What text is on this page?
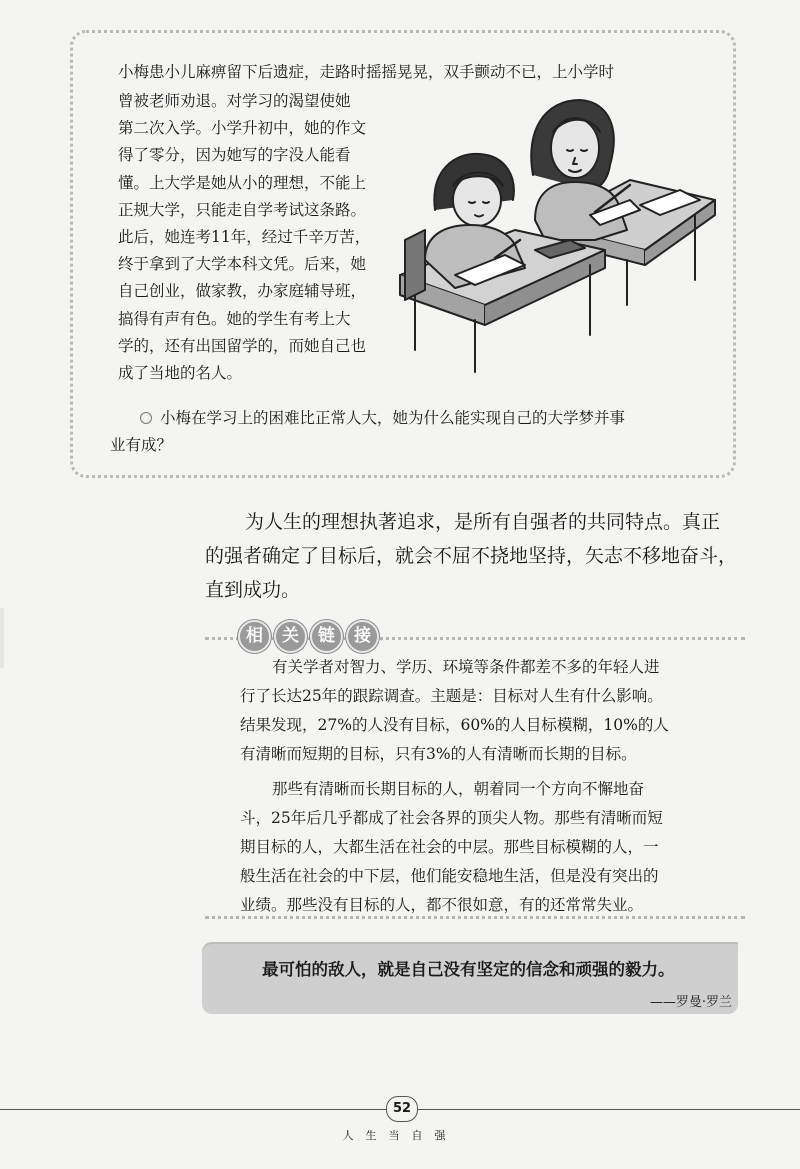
小梅患小儿麻痹留下后遗症，走路时摇摇晃晃，双手颤动不已，上小学时

曾被老师劝退。对学习的渴望使她
第二次入学。小学升初中，她的作文
得了零分，因为她写的字没人能看
懂。上大学是她从小的理想，不能上
正规大学，只能走自学考试这条路。
此后，她连考11年，经过千辛万苦，
终于拿到了大学本科文凭。后来，她
自己创业，做家教，办家庭辅导班，
搞得有声有色。她的学生有考上大
学的，还有出国留学的，而她自己也
成了当地的名人。

小梅在学习上的困难比正常人大，她为什么能实现自己的大学梦并事
业有成？

为人生的理想执著追求，是所有自强者的共同特点。真正
的强者确定了目标后，就会不屈不挠地坚持，矢志不移地奋斗，
直到成功。

相	关	链	接
有关学者对智力、学历、环境等条件都差不多的年轻人进
行了长达25年的跟踪调查。主题是：目标对人生有什么影响。
结果发现，27%的人没有目标，60%的人目标模糊，10%的人
有清晰而短期的目标，只有3%的人有清晰而长期的目标。
那些有清晰而长期目标的人，朝着同一个方向不懈地奋
斗，25年后几乎都成了社会各界的顶尖人物。那些有清晰而短
期目标的人，大都生活在社会的中层。那些目标模糊的人，一
般生活在社会的中下层，他们能安稳地生活，但是没有突出的
业绩。那些没有目标的人，都不很如意，有的还常常失业。
最可怕的敌人，就是自己没有坚定的信念和顽强的毅力。
——罗曼·罗兰
52
人生当自强
